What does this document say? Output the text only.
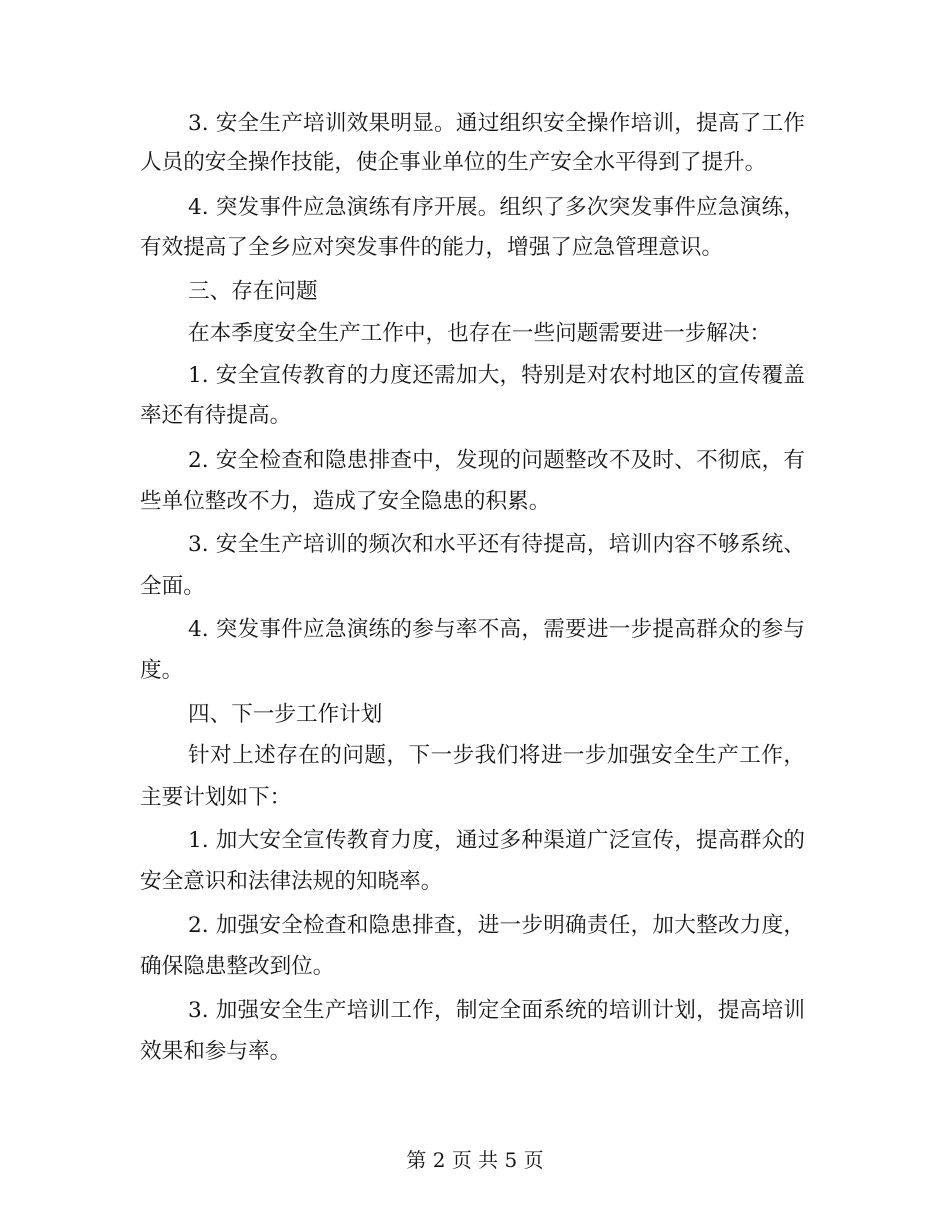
3. 安全生产培训效果明显。通过组织安全操作培训，提高了工作
人员的安全操作技能，使企事业单位的生产安全水平得到了提升。
4. 突发事件应急演练有序开展。组织了多次突发事件应急演练，
有效提高了全乡应对突发事件的能力，增强了应急管理意识。
三、存在问题
在本季度安全生产工作中，也存在一些问题需要进一步解决：
1. 安全宣传教育的力度还需加大，特别是对农村地区的宣传覆盖
率还有待提高。
2. 安全检查和隐患排查中，发现的问题整改不及时、不彻底，有
些单位整改不力，造成了安全隐患的积累。
3. 安全生产培训的频次和水平还有待提高，培训内容不够系统、
全面。
4. 突发事件应急演练的参与率不高，需要进一步提高群众的参与
度。
四、下一步工作计划
针对上述存在的问题，下一步我们将进一步加强安全生产工作，
主要计划如下：
1. 加大安全宣传教育力度，通过多种渠道广泛宣传，提高群众的
安全意识和法律法规的知晓率。
2. 加强安全检查和隐患排查，进一步明确责任，加大整改力度，
确保隐患整改到位。
3. 加强安全生产培训工作，制定全面系统的培训计划，提高培训
效果和参与率。
第 2 页 共 5 页
